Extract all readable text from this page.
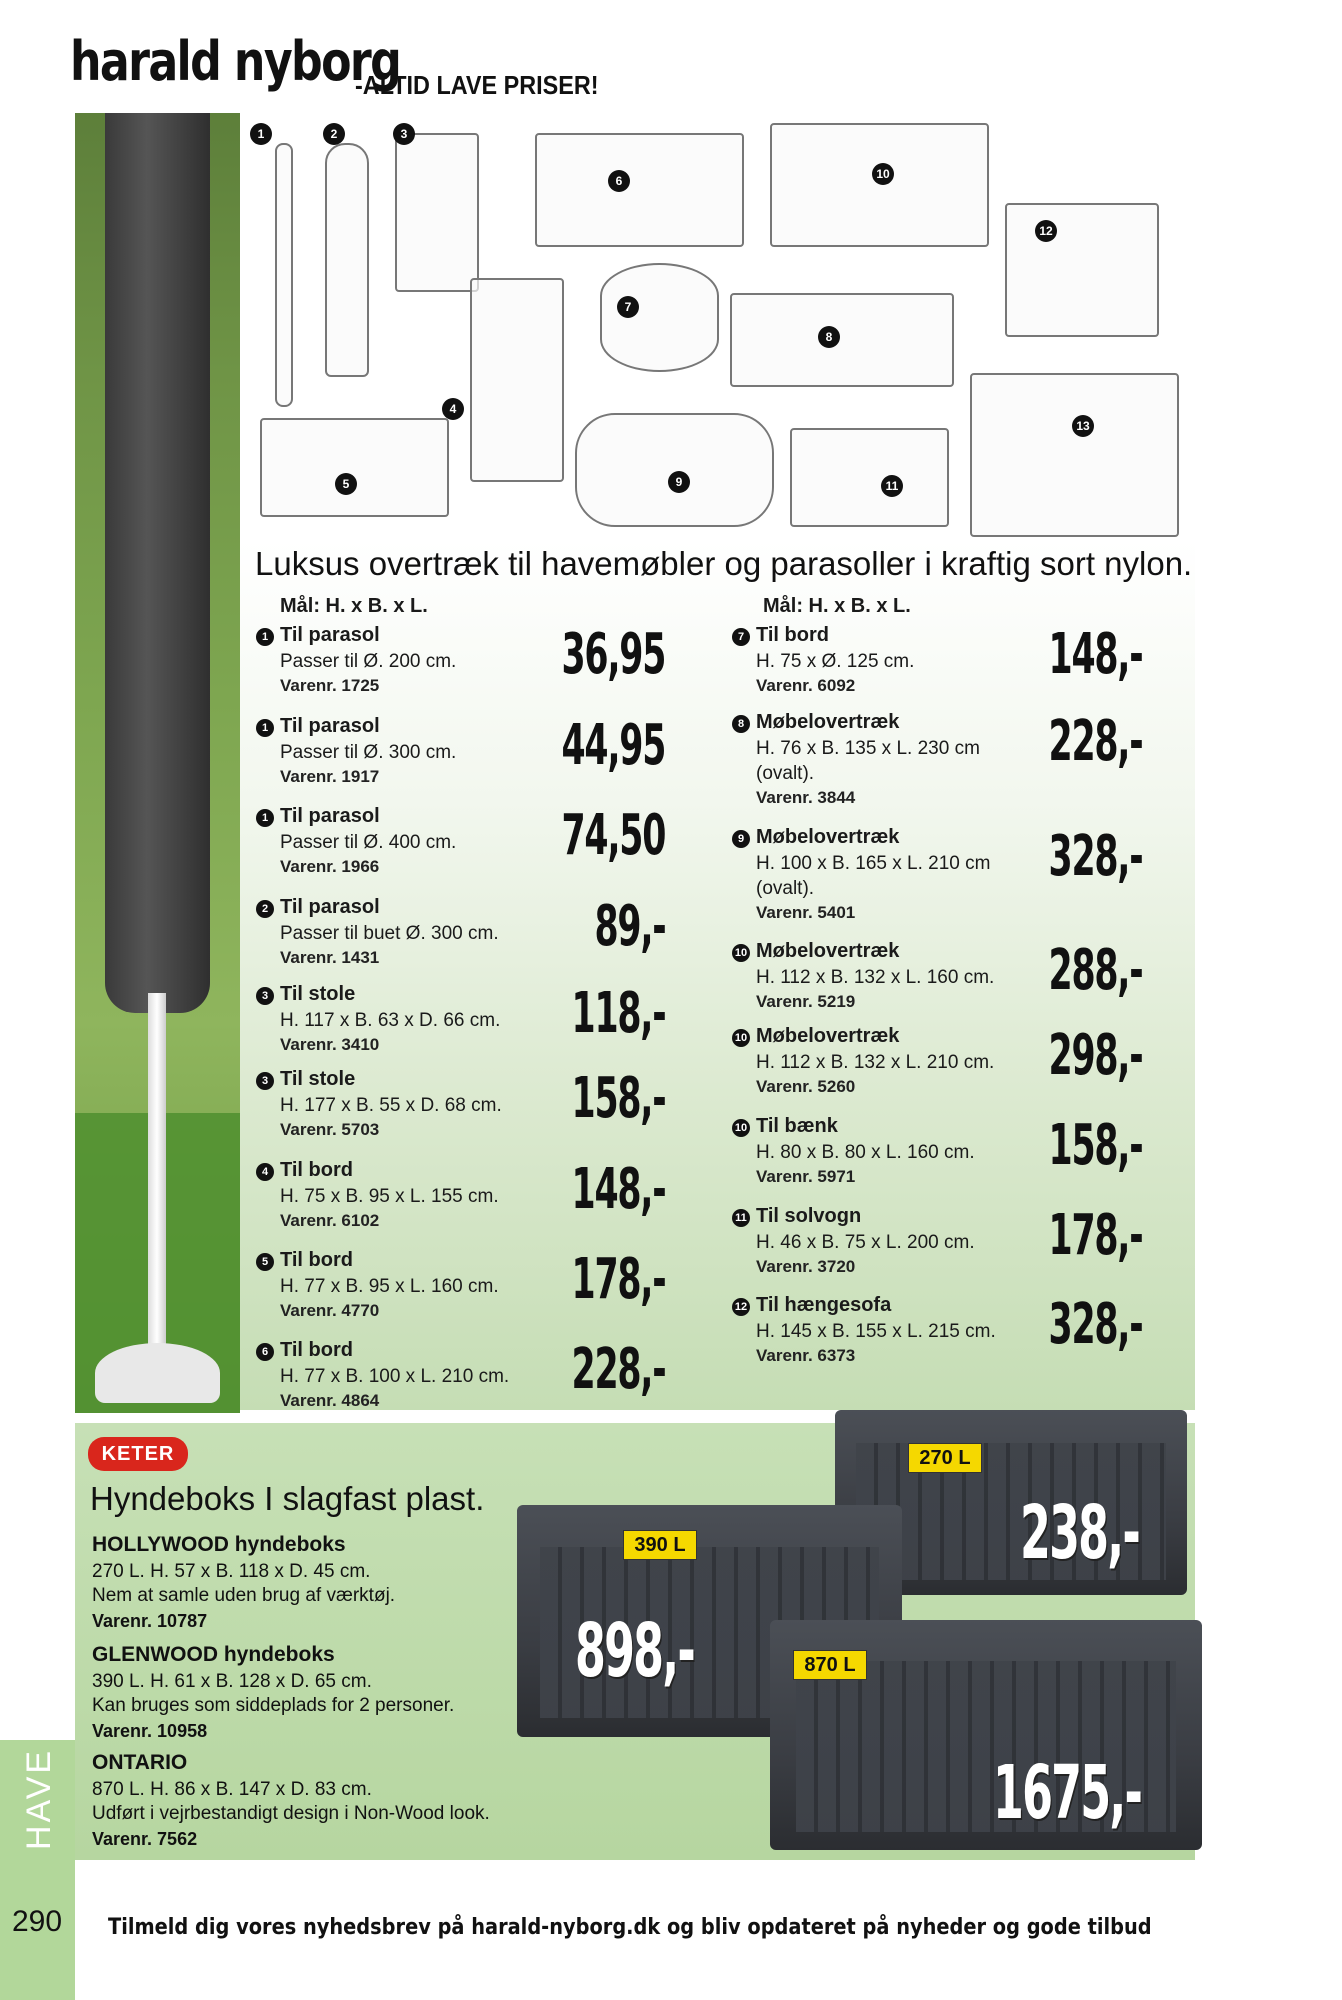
harald nyborg
-ALTID LAVE PRISER!
1	2	3
4
5
6
7
8
9
10
11
12
13
Luksus overtræk til havemøbler og parasoller i kraftig sort nylon.
Mål: H. x B. x L.	Mål: H. x B. x L.
1 Til parasol
Passer til Ø. 200 cm.
Varenr. 1725	36,95
1 Til parasol
Passer til Ø. 300 cm.
Varenr. 1917	44,95
1 Til parasol
Passer til Ø. 400 cm.
Varenr. 1966	74,50
2 Til parasol
Passer til buet Ø. 300 cm.
Varenr. 1431	89,-
3 Til stole
H. 117 x B. 63 x D. 66 cm.
Varenr. 3410	118,-
3 Til stole
H. 177 x B. 55 x D. 68 cm.
Varenr. 5703	158,-
4 Til bord
H. 75 x B. 95 x L. 155 cm.
Varenr. 6102	148,-
5 Til bord
H. 77 x B. 95 x L. 160 cm.
Varenr. 4770	178,-
6 Til bord
H. 77 x B. 100 x L. 210 cm.
Varenr. 4864	228,-
7 Til bord
H. 75 x Ø. 125 cm.
Varenr. 6092	148,-
8 Møbelovertræk
H. 76 x B. 135 x L. 230 cm
(ovalt).
Varenr. 3844
228,-
9 Møbelovertræk
H. 100 x B. 165 x L. 210 cm
(ovalt).
Varenr. 5401
328,-
10 Møbelovertræk
H. 112 x B. 132 x L. 160 cm.
Varenr. 5219	288,-
10 Møbelovertræk
H. 112 x B. 132 x L. 210 cm.
Varenr. 5260	298,-
10 Til bænk
H. 80 x B. 80 x L. 160 cm.
Varenr. 5971	158,-
11 Til solvogn
H. 46 x B. 75 x L. 200 cm.
Varenr. 3720	178,-
12 Til hængesofa
H. 145 x B. 155 x L. 215 cm.
Varenr. 6373	328,-
KETER
Hyndeboks I slagfast plast.
HOLLYWOOD hyndeboks
270 L. H. 57 x B. 118 x D. 45 cm.
Nem at samle uden brug af værktøj.
Varenr. 10787
GLENWOOD hyndeboks
390 L. H. 61 x B. 128 x D. 65 cm.
Kan bruges som siddeplads for 2 personer.
Varenr. 10958
ONTARIO
870 L. H. 86 x B. 147 x D. 83 cm.
Udført i vejrbestandigt design i Non-Wood look.
Varenr. 7562
270 L
238,-
390 L
898,-	870 L
1675,-
HAVE
290 Tilmeld dig vores nyhedsbrev på harald-nyborg.dk og bliv opdateret på nyheder og gode tilbud
